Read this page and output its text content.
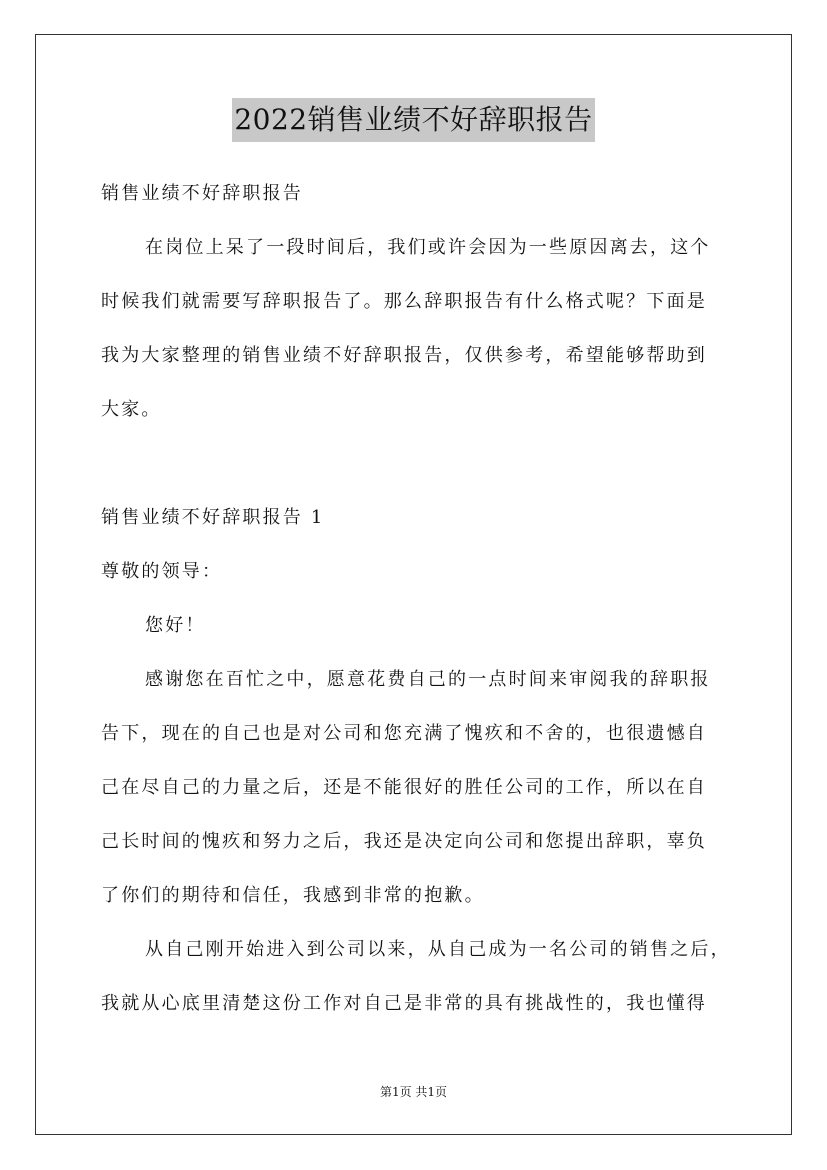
2022销售业绩不好辞职报告
销售业绩不好辞职报告
在岗位上呆了一段时间后，我们或许会因为一些原因离去，这个
时候我们就需要写辞职报告了。那么辞职报告有什么格式呢？下面是
我为大家整理的销售业绩不好辞职报告，仅供参考，希望能够帮助到
大家。
销售业绩不好辞职报告 1
尊敬的领导：
您好！
感谢您在百忙之中，愿意花费自己的一点时间来审阅我的辞职报
告下，现在的自己也是对公司和您充满了愧疚和不舍的，也很遗憾自
己在尽自己的力量之后，还是不能很好的胜任公司的工作，所以在自
己长时间的愧疚和努力之后，我还是决定向公司和您提出辞职，辜负
了你们的期待和信任，我感到非常的抱歉。
从自己刚开始进入到公司以来，从自己成为一名公司的销售之后，
我就从心底里清楚这份工作对自己是非常的具有挑战性的，我也懂得
第1页 共1页
